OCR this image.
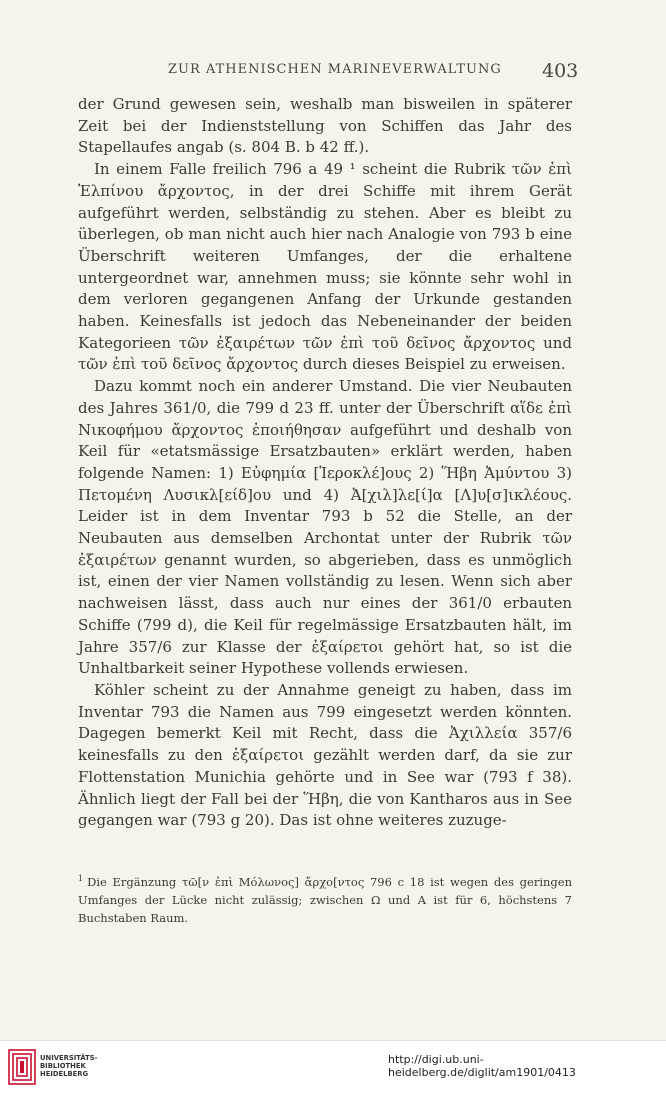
ZUR ATHENISCHEN MARINEVERWALTUNG 403

der Grund gewesen sein, weshalb man bisweilen in späterer Zeit bei der Indienststellung von Schiffen das Jahr des Stapellaufes angab (s. 804 B. b 42 ff.).

In einem Falle freilich 796 a 49 ¹ scheint die Rubrik τῶν ἐπὶ Ἐλπίνου ἄρχοντος, in der drei Schiffe mit ihrem Gerät aufgeführt werden, selbständig zu stehen. Aber es bleibt zu überlegen, ob man nicht auch hier nach Analogie von 793 b eine Überschrift weiteren Umfanges, der die erhaltene untergeordnet war, annehmen muss; sie könnte sehr wohl in dem verloren gegangenen Anfang der Urkunde gestanden haben. Keinesfalls ist jedoch das Nebeneinander der beiden Kategorieen τῶν ἐξαιρέτων τῶν ἐπὶ τοῦ δεῖνος ἄρχοντος und τῶν ἐπὶ τοῦ δεῖνος ἄρχοντος durch dieses Beispiel zu erweisen.

Dazu kommt noch ein anderer Umstand. Die vier Neubauten des Jahres 361/0, die 799 d 23 ff. unter der Überschrift αἵδε ἐπὶ Νικοφήμου ἄρχοντος ἐποιήθησαν aufgeführt und deshalb von Keil für «etatsmässige Ersatzbauten» erklärt werden, haben folgende Namen: 1) Εὐφημία [Ἱεροκλέ]ους 2) Ἥβη Ἀμύντου 3) Πετομένη Λυσικλ[είδ]ου und 4) Ἀ[χιλ]λε[ί]α [Λ]υ[σ]ικλέους. Leider ist in dem Inventar 793 b 52 die Stelle, an der Neubauten aus demselben Archontat unter der Rubrik τῶν ἐξαιρέτων genannt wurden, so abgerieben, dass es unmöglich ist, einen der vier Namen vollständig zu lesen. Wenn sich aber nachweisen lässt, dass auch nur eines der 361/0 erbauten Schiffe (799 d), die Keil für regelmässige Ersatzbauten hält, im Jahre 357/6 zur Klasse der ἐξαίρετοι gehört hat, so ist die Unhaltbarkeit seiner Hypothese vollends erwiesen.

Köhler scheint zu der Annahme geneigt zu haben, dass im Inventar 793 die Namen aus 799 eingesetzt werden könnten. Dagegen bemerkt Keil mit Recht, dass die Ἀχιλλεία 357/6 keinesfalls zu den ἐξαίρετοι gezählt werden darf, da sie zur Flottenstation Munichia gehörte und in See war (793 f 38). Ähnlich liegt der Fall bei der Ἥβη, die von Kantharos aus in See gegangen war (793 g 20). Das ist ohne weiteres zuzuge-

$^1$ Die Ergänzung τῶ[ν ἐπὶ Μόλωνος] ἄρχο[ντος 796 c 18 ist wegen des geringen Umfanges der Lücke nicht zulässig; zwischen Ω und A ist für 6, höchstens 7 Buchstaben Raum.
UNIVERSITÄTS-
BIBLIOTHEK
HEIDELBERG
http://digi.ub.uni-heidelberg.de/diglit/am1901/0413
